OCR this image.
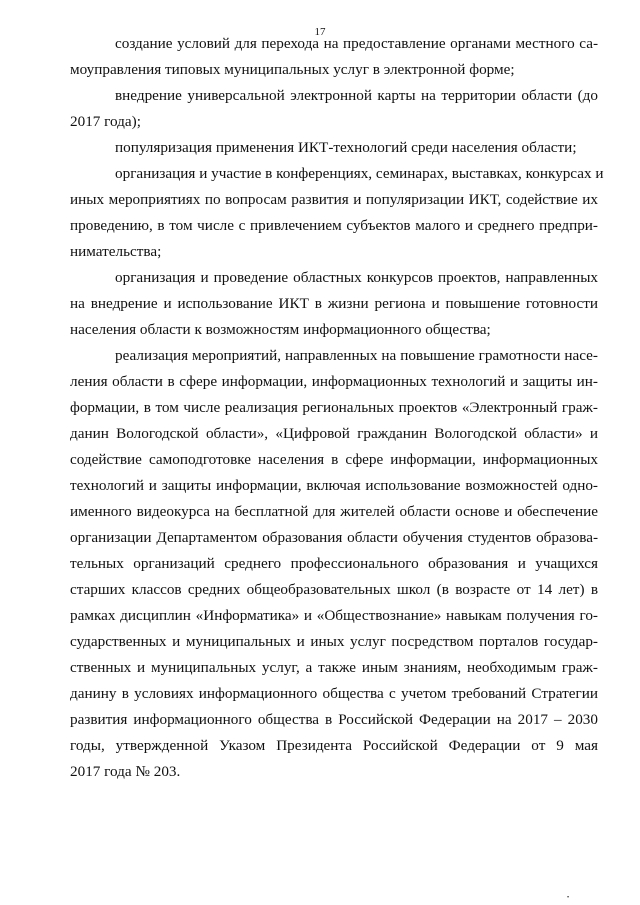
17
создание условий для перехода на предоставление органами местного са-
моуправления типовых муниципальных услуг в электронной форме;
внедрение универсальной электронной карты на территории области (до
2017 года);
популяризация применения ИКТ-технологий среди населения области;
организация и участие в конференциях, семинарах, выставках, конкурсах и
иных мероприятиях по вопросам развития и популяризации ИКТ, содействие их
проведению, в том числе с привлечением субъектов малого и среднего предпри-
нимательства;
организация и проведение областных конкурсов проектов, направленных
на внедрение и использование ИКТ в жизни региона и повышение готовности
населения области к возможностям информационного общества;
реализация мероприятий, направленных на повышение грамотности насе-
ления области в сфере информации, информационных технологий и защиты ин-
формации, в том числе реализация региональных проектов «Электронный граж-
данин Вологодской области», «Цифровой гражданин Вологодской области» и
содействие самоподготовке населения в сфере информации, информационных
технологий и защиты информации, включая использование возможностей одно-
именного видеокурса на бесплатной для жителей области основе и обеспечение
организации Департаментом образования области обучения студентов образова-
тельных организаций среднего профессионального образования и учащихся
старших классов средних общеобразовательных школ (в возрасте от 14 лет) в
рамках дисциплин «Информатика» и «Обществознание» навыкам получения го-
сударственных и муниципальных и иных услуг посредством порталов государ-
ственных и муниципальных услуг, а также иным знаниям, необходимым граж-
данину в условиях информационного общества с учетом требований Стратегии
развития информационного общества в Российской Федерации на 2017 – 2030
годы, утвержденной Указом Президента Российской Федерации от 9 мая
2017 года № 203.
•
